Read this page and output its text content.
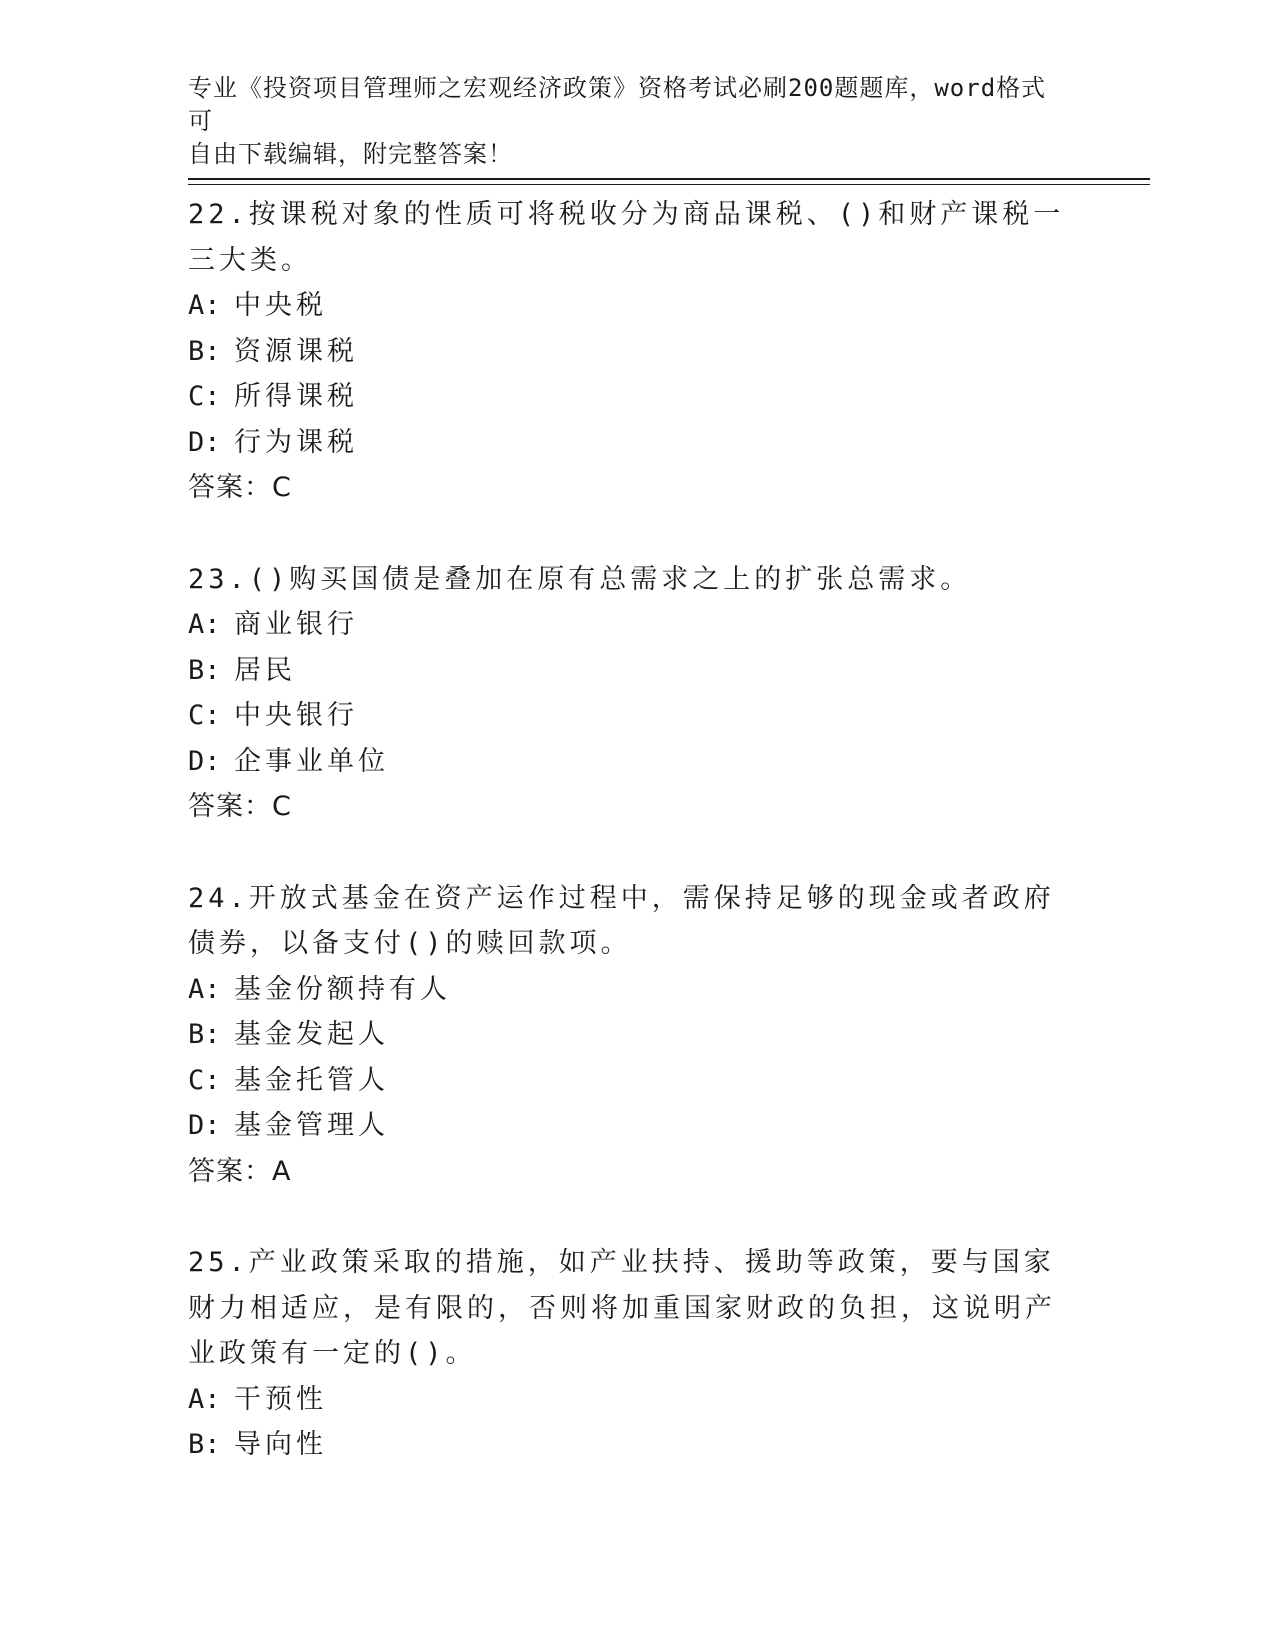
专业《投资项目管理师之宏观经济政策》资格考试必刷200题题库，word格式可
自由下载编辑，附完整答案！
22.按课税对象的性质可将税收分为商品课税、()和财产课税一三大类。
A: 中央税
B: 资源课税
C: 所得课税
D: 行为课税
答案：C
23.()购买国债是叠加在原有总需求之上的扩张总需求。
A: 商业银行
B: 居民
C: 中央银行
D: 企事业单位
答案：C
24.开放式基金在资产运作过程中，需保持足够的现金或者政府债券，以备支付()的赎回款项。
A: 基金份额持有人
B: 基金发起人
C: 基金托管人
D: 基金管理人
答案：A
25.产业政策采取的措施，如产业扶持、援助等政策，要与国家财力相适应，是有限的，否则将加重国家财政的负担，这说明产业政策有一定的()。
A: 干预性
B: 导向性
